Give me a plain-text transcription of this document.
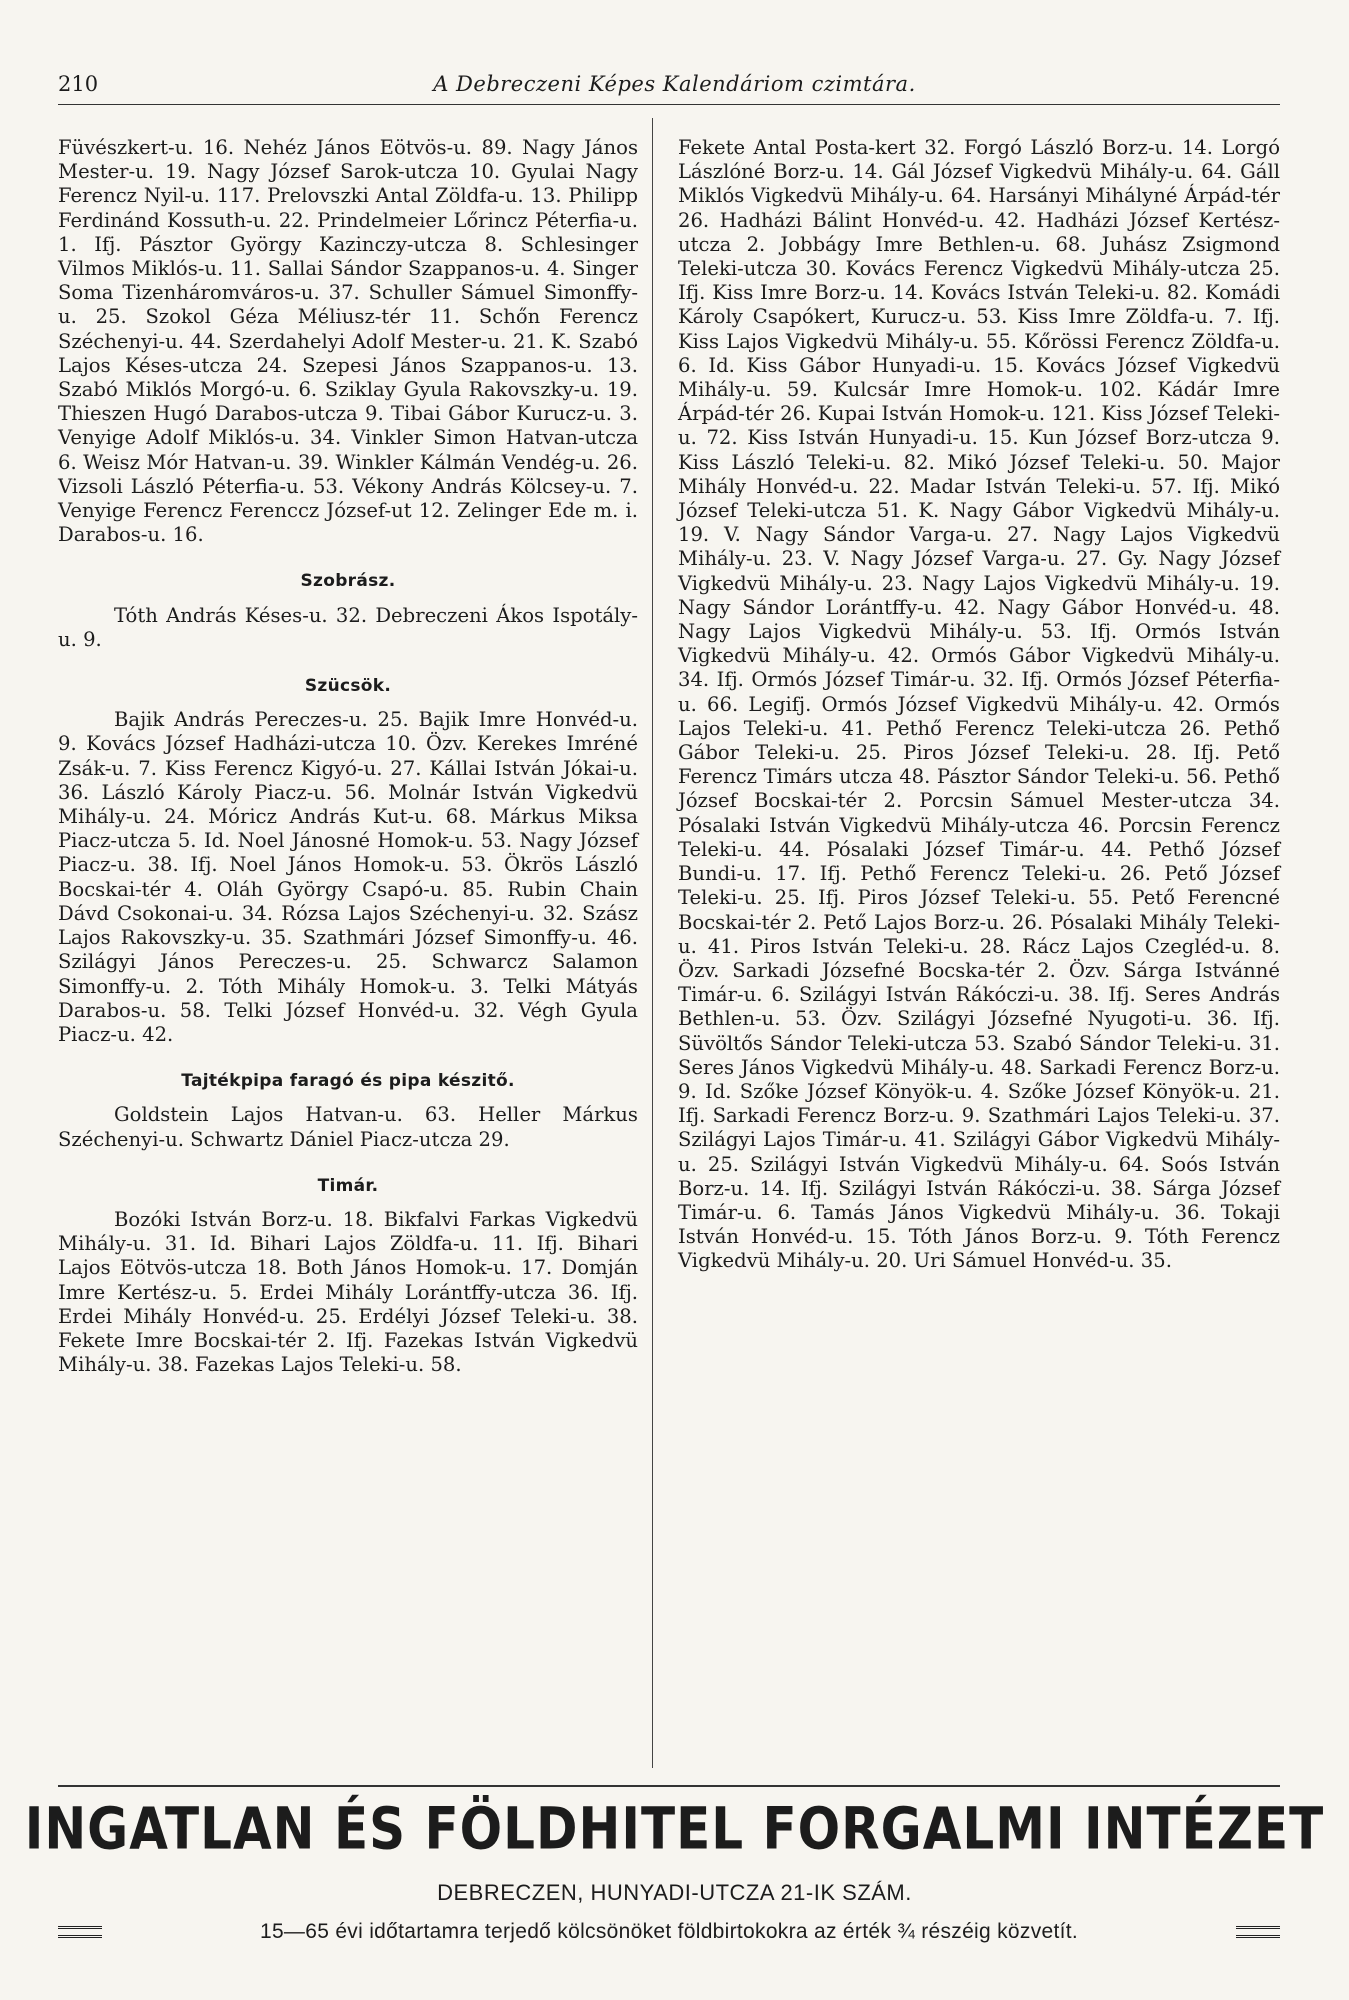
210	A Debreczeni Képes Kalendáriom czimtára.

Füvészkert-u. 16. Nehéz János Eötvös-u. 89. Nagy János Mester-u. 19. Nagy József Sarok-utcza 10. Gyulai Nagy Ferencz Nyil-u. 117. Prelovszki Antal Zöldfa-u. 13. Philipp Ferdinánd Kossuth-u. 22. Prindelmeier Lőrincz Péterfia-u. 1. Ifj. Pásztor György Kazinczy-utcza 8. Schlesinger Vilmos Miklós-u. 11. Sallai Sándor Szappanos-u. 4. Singer Soma Tizenháromváros-u. 37. Schuller Sámuel Simonffy-u. 25. Szokol Géza Méliusz-tér 11. Schőn Ferencz Széchenyi-u. 44. Szerdahelyi Adolf Mester-u. 21. K. Szabó Lajos Késes-utcza 24. Szepesi János Szappanos-u. 13. Szabó Miklós Morgó-u. 6. Sziklay Gyula Rakovszky-u. 19. Thieszen Hugó Darabos-utcza 9. Tibai Gábor Kurucz-u. 3. Venyige Adolf Miklós-u. 34. Vinkler Simon Hatvan-utcza 6. Weisz Mór Hatvan-u. 39. Winkler Kálmán Vendég-u. 26. Vizsoli László Péterfia-u. 53. Vékony András Kölcsey-u. 7. Venyige Ferencz Ferenccz József-ut 12. Zelinger Ede m. i. Darabos-u. 16.

Szobrász.

Tóth András Késes-u. 32. Debreczeni Ákos Ispotály-u. 9.

Szücsök.

Bajik András Pereczes-u. 25. Bajik Imre Honvéd-u. 9. Kovács József Hadházi-utcza 10. Özv. Kerekes Imréné Zsák-u. 7. Kiss Ferencz Kigyó-u. 27. Kállai István Jókai-u. 36. László Károly Piacz-u. 56. Molnár István Vigkedvü Mihály-u. 24. Móricz András Kut-u. 68. Márkus Miksa Piacz-utcza 5. Id. Noel Jánosné Homok-u. 53. Nagy József Piacz-u. 38. Ifj. Noel János Homok-u. 53. Ökrös László Bocskai-tér 4. Oláh György Csapó-u. 85. Rubin Chain Dávd Csokonai-u. 34. Rózsa Lajos Széchenyi-u. 32. Szász Lajos Rakovszky-u. 35. Szathmári József Simonffy-u. 46. Szilágyi János Pereczes-u. 25. Schwarcz Salamon Simonffy-u. 2. Tóth Mihály Homok-u. 3. Telki Mátyás Darabos-u. 58. Telki József Honvéd-u. 32. Végh Gyula Piacz-u. 42.

Tajtékpipa faragó és pipa készitő.

Goldstein Lajos Hatvan-u. 63. Heller Márkus Széchenyi-u. Schwartz Dániel Piacz-utcza 29.

Timár.

Bozóki István Borz-u. 18. Bikfalvi Farkas Vigkedvü Mihály-u. 31. Id. Bihari Lajos Zöldfa-u. 11. Ifj. Bihari Lajos Eötvös-utcza 18. Both János Homok-u. 17. Domján Imre Kertész-u. 5. Erdei Mihály Lorántffy-utcza 36. Ifj. Erdei Mihály Honvéd-u. 25. Erdélyi József Teleki-u. 38. Fekete Imre Bocskai-tér 2. Ifj. Fazekas István Vigkedvü Mihály-u. 38. Fazekas Lajos Teleki-u. 58.

Fekete Antal Posta-kert 32. Forgó László Borz-u. 14. Lorgó Lászlóné Borz-u. 14. Gál József Vigkedvü Mihály-u. 64. Gáll Miklós Vigkedvü Mihály-u. 64. Harsányi Mihályné Árpád-tér 26. Hadházi Bálint Honvéd-u. 42. Hadházi József Kertész-utcza 2. Jobbágy Imre Bethlen-u. 68. Juhász Zsigmond Teleki-utcza 30. Kovács Ferencz Vigkedvü Mihály-utcza 25. Ifj. Kiss Imre Borz-u. 14. Kovács István Teleki-u. 82. Komádi Károly Csapókert, Kurucz-u. 53. Kiss Imre Zöldfa-u. 7. Ifj. Kiss Lajos Vigkedvü Mihály-u. 55. Kőrössi Ferencz Zöldfa-u. 6. Id. Kiss Gábor Hunyadi-u. 15. Kovács József Vigkedvü Mihály-u. 59. Kulcsár Imre Homok-u. 102. Kádár Imre Árpád-tér 26. Kupai István Homok-u. 121. Kiss József Teleki-u. 72. Kiss István Hunyadi-u. 15. Kun József Borz-utcza 9. Kiss László Teleki-u. 82. Mikó József Teleki-u. 50. Major Mihály Honvéd-u. 22. Madar István Teleki-u. 57. Ifj. Mikó József Teleki-utcza 51. K. Nagy Gábor Vigkedvü Mihály-u. 19. V. Nagy Sándor Varga-u. 27. Nagy Lajos Vigkedvü Mihály-u. 23. V. Nagy József Varga-u. 27. Gy. Nagy József Vigkedvü Mihály-u. 23. Nagy Lajos Vigkedvü Mihály-u. 19. Nagy Sándor Lorántffy-u. 42. Nagy Gábor Honvéd-u. 48. Nagy Lajos Vigkedvü Mihály-u. 53. Ifj. Ormós István Vigkedvü Mihály-u. 42. Ormós Gábor Vigkedvü Mihály-u. 34. Ifj. Ormós József Timár-u. 32. Ifj. Ormós József Péterfia-u. 66. Legifj. Ormós József Vigkedvü Mihály-u. 42. Ormós Lajos Teleki-u. 41. Pethő Ferencz Teleki-utcza 26. Pethő Gábor Teleki-u. 25. Piros József Teleki-u. 28. Ifj. Pető Ferencz Timárs utcza 48. Pásztor Sándor Teleki-u. 56. Pethő József Bocskai-tér 2. Porcsin Sámuel Mester-utcza 34. Pósalaki István Vigkedvü Mihály-utcza 46. Porcsin Ferencz Teleki-u. 44. Pósalaki József Timár-u. 44. Pethő József Bundi-u. 17. Ifj. Pethő Ferencz Teleki-u. 26. Pető József Teleki-u. 25. Ifj. Piros József Teleki-u. 55. Pető Ferencné Bocskai-tér 2. Pető Lajos Borz-u. 26. Pósalaki Mihály Teleki-u. 41. Piros István Teleki-u. 28. Rácz Lajos Czegléd-u. 8. Özv. Sarkadi Józsefné Bocska-tér 2. Özv. Sárga Istvánné Timár-u. 6. Szilágyi István Rákóczi-u. 38. Ifj. Seres András Bethlen-u. 53. Özv. Szilágyi Józsefné Nyugoti-u. 36. Ifj. Süvöltős Sándor Teleki-utcza 53. Szabó Sándor Teleki-u. 31. Seres János Vigkedvü Mihály-u. 48. Sarkadi Ferencz Borz-u. 9. Id. Szőke József Könyök-u. 4. Szőke József Könyök-u. 21. Ifj. Sarkadi Ferencz Borz-u. 9. Szathmári Lajos Teleki-u. 37. Szilágyi Lajos Timár-u. 41. Szilágyi Gábor Vigkedvü Mihály-u. 25. Szilágyi István Vigkedvü Mihály-u. 64. Soós István Borz-u. 14. Ifj. Szilágyi István Rákóczi-u. 38. Sárga József Timár-u. 6. Tamás János Vigkedvü Mihály-u. 36. Tokaji István Honvéd-u. 15. Tóth János Borz-u. 9. Tóth Ferencz Vigkedvü Mihály-u. 20. Uri Sámuel Honvéd-u. 35.

INGATLAN ÉS FÖLDHITEL FORGALMI INTÉZET
DEBRECZEN, HUNYADI-UTCZA 21-IK SZÁM.
15—65 évi időtartamra terjedő kölcsönöket földbirtokokra az érték ¾ részéig közvetít.
